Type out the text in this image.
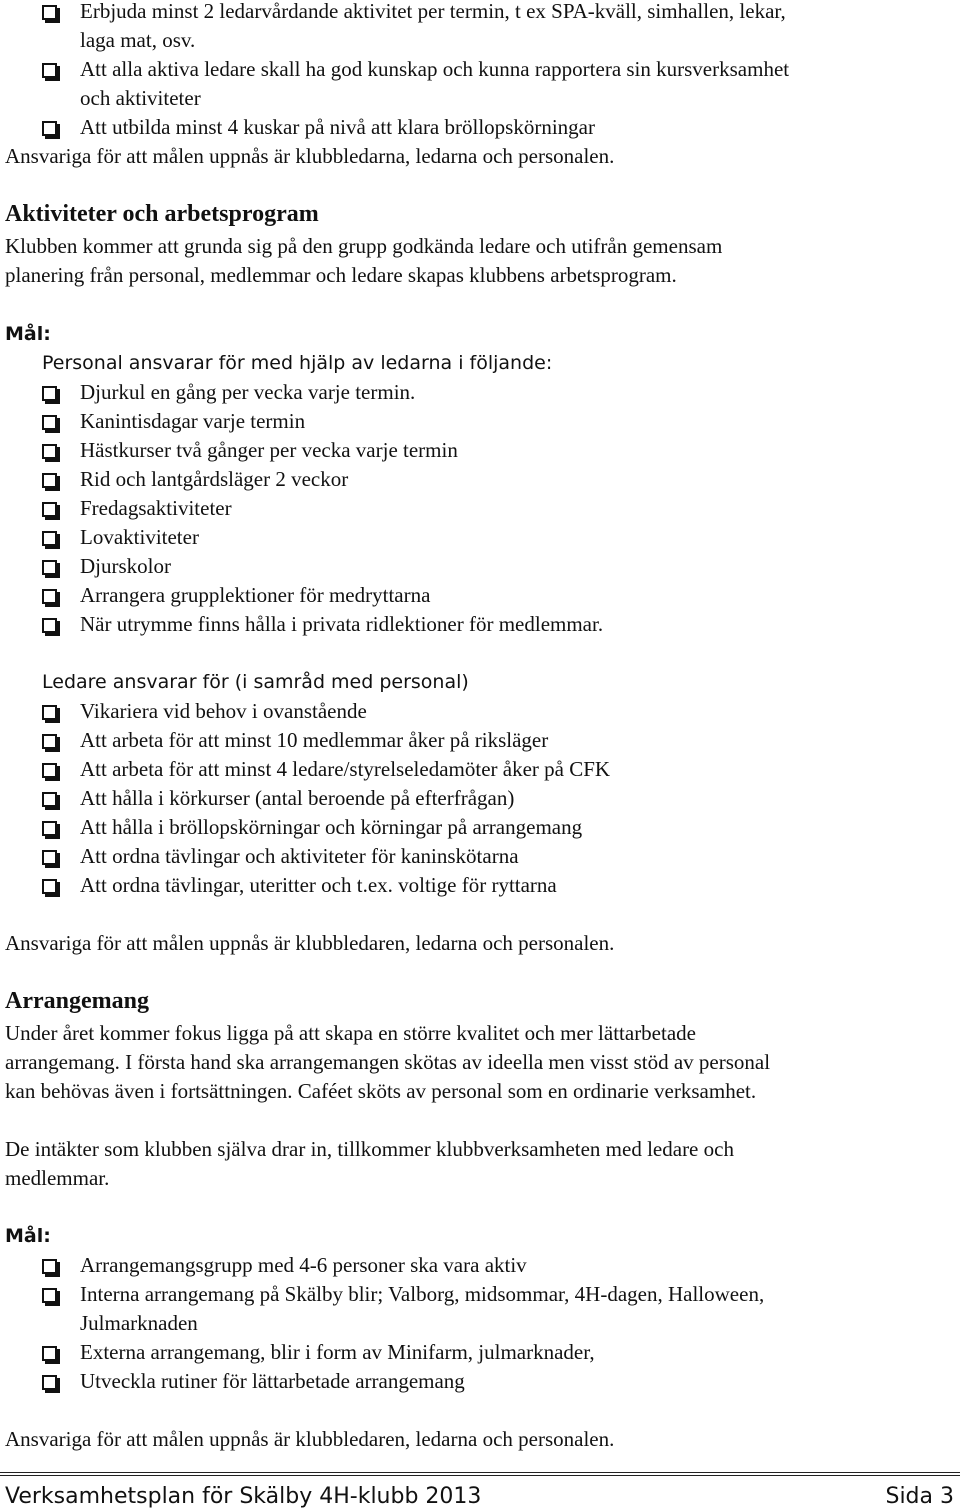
Erbjuda minst 2 ledarvårdande aktivitet per termin, t ex SPA-kväll, simhallen, lekar,
laga mat, osv.
Att alla aktiva ledare skall ha god kunskap och kunna rapportera sin kursverksamhet
och aktiviteter
Att utbilda minst 4 kuskar på nivå att klara bröllopskörningar
Ansvariga för att målen uppnås är klubbledarna, ledarna och personalen.
Aktiviteter och arbetsprogram
Klubben kommer att grunda sig på den grupp godkända ledare och utifrån gemensam
planering från personal, medlemmar och ledare skapas klubbens arbetsprogram.
Mål:
Personal ansvarar för med hjälp av ledarna i följande:
Djurkul en gång per vecka varje termin.
Kanintisdagar varje termin
Hästkurser två gånger per vecka varje termin
Rid och lantgårdsläger 2 veckor
Fredagsaktiviteter
Lovaktiviteter
Djurskolor
Arrangera grupplektioner för medryttarna
När utrymme finns hålla i privata ridlektioner för medlemmar.
Ledare ansvarar för (i samråd med personal)
Vikariera vid behov i ovanstående
Att arbeta för att minst 10 medlemmar åker på riksläger
Att arbeta för att minst 4 ledare/styrelseledamöter åker på CFK
Att hålla i körkurser (antal beroende på efterfrågan)
Att hålla i bröllopskörningar och körningar på arrangemang
Att ordna tävlingar och aktiviteter för kaninskötarna
Att ordna tävlingar, uteritter och t.ex. voltige för ryttarna
Ansvariga för att målen uppnås är klubbledaren, ledarna och personalen.
Arrangemang
Under året kommer fokus ligga på att skapa en större kvalitet och mer lättarbetade
arrangemang. I första hand ska arrangemangen skötas av ideella men visst stöd av personal
kan behövas även i fortsättningen. Caféet sköts av personal som en ordinarie verksamhet.
De intäkter som klubben själva drar in, tillkommer klubbverksamheten med ledare och
medlemmar.
Mål:
Arrangemangsgrupp med 4-6 personer ska vara aktiv
Interna arrangemang på Skälby blir; Valborg, midsommar, 4H-dagen, Halloween,
Julmarknaden
Externa arrangemang, blir i form av Minifarm, julmarknader,
Utveckla rutiner för lättarbetade arrangemang
Ansvariga för att målen uppnås är klubbledaren, ledarna och personalen.
Verksamhetsplan för Skälby 4H-klubb 2013	Sida 3
